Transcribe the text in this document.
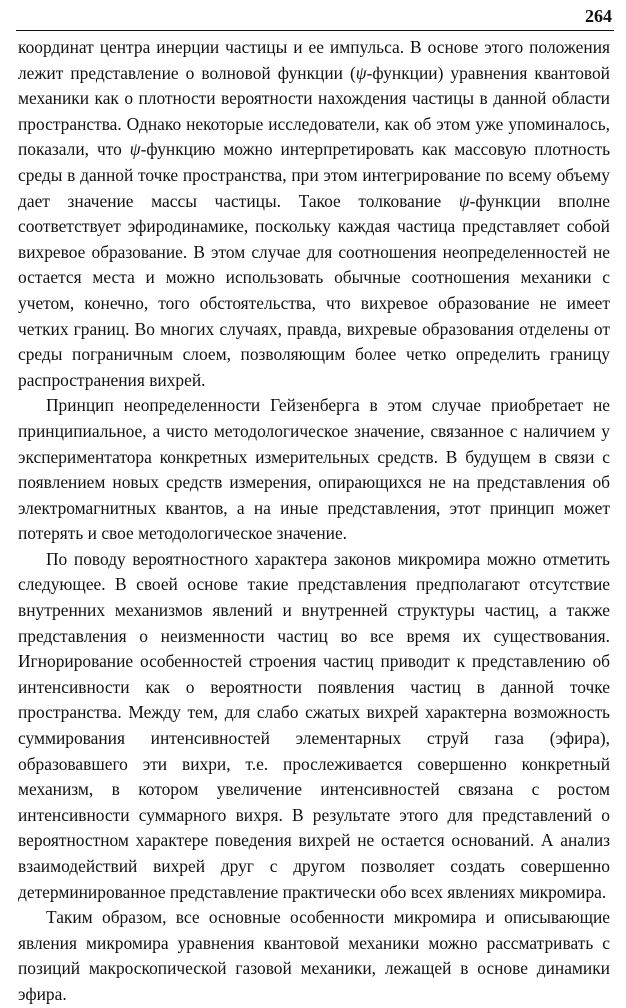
264

координат центра инерции частицы и ее импульса. В основе этого положения лежит представление о волновой функции (ψ-функции) уравнения квантовой механики как о плотности вероятности нахождения частицы в данной области пространства. Однако некоторые исследователи, как об этом уже упоминалось, показали, что ψ-функцию можно интерпретировать как массовую плотность среды в данной точке пространства, при этом интегрирование по всему объему дает значение массы частицы. Такое толкование ψ-функции вполне соответствует эфиродинамике, поскольку каждая частица представляет собой вихревое образование. В этом случае для соотношения неопределенностей не остается места и можно использовать обычные соотношения механики с учетом, конечно, того обстоятельства, что вихревое образование не имеет четких границ. Во многих случаях, правда, вихревые образования отделены от среды пограничным слоем, позволяющим более четко определить границу распространения вихрей.

Принцип неопределенности Гейзенберга в этом случае приобретает не принципиальное, а чисто методологическое значение, связанное с наличием у экспериментатора конкретных измерительных средств. В будущем в связи с появлением новых средств измерения, опирающихся не на представления об электромагнитных квантов, а на иные представления, этот принцип может потерять и свое методологическое значение.

По поводу вероятностного характера законов микромира можно отметить следующее. В своей основе такие представления предполагают отсутствие внутренних механизмов явлений и внутренней структуры частиц, а также представления о неизменности частиц во все время их существования. Игнорирование особенностей строения частиц приводит к представлению об интенсивности как о вероятности появления частиц в данной точке пространства. Между тем, для слабо сжатых вихрей характерна возможность суммирования интенсивностей элементарных струй газа (эфира), образовавшего эти вихри, т.е. прослеживается совершенно конкретный механизм, в котором увеличение интенсивностей связана с ростом интенсивности суммарного вихря. В результате этого для представлений о вероятностном характере поведения вихрей не остается оснований. А анализ взаимодействий вихрей друг с другом позволяет создать совершенно детерминированное представление практически обо всех явлениях микромира.

Таким образом, все основные особенности микромира и описывающие явления микромира уравнения квантовой механики можно рассматривать с позиций макроскопической газовой механики, лежащей в основе динамики эфира.
